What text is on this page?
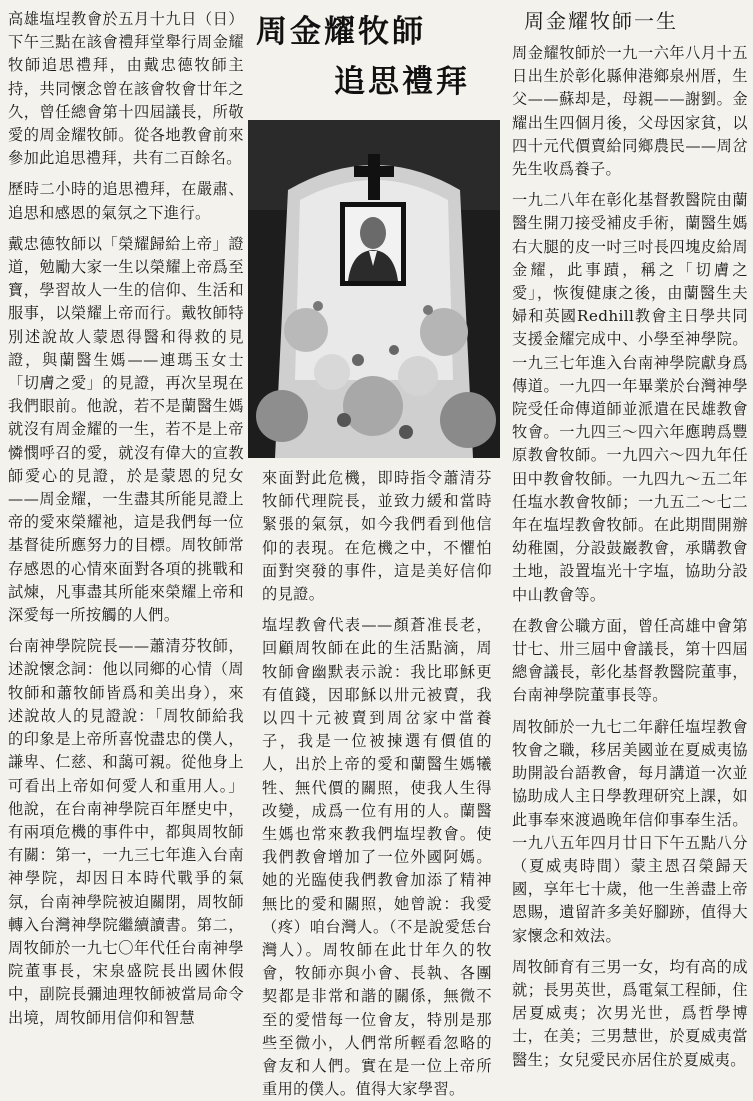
周金耀牧師
追思禮拜

高雄塩埕教會於五月十九日（日）下午三點在該會禮拜堂舉行周金耀牧師追思禮拜，由戴忠德牧師主持，共同懷念曾在該會牧會廿年之久，曾任總會第十四屆議長，所敬愛的周金耀牧師。從各地教會前來參加此追思禮拜，共有二百餘名。

歷時二小時的追思禮拜，在嚴肅、追思和感恩的氣氛之下進行。

戴忠德牧師以「榮耀歸給上帝」證道，勉勵大家一生以榮耀上帝爲至寶，學習故人一生的信仰、生活和服事，以榮耀上帝而行。戴牧師特別述說故人蒙恩得醫和得救的見證，與蘭醫生媽——連瑪玉女士「切膚之愛」的見證，再次呈現在我們眼前。他說，若不是蘭醫生媽就沒有周金耀的一生，若不是上帝憐憫呼召的愛，就沒有偉大的宣教師愛心的見證，於是蒙恩的兒女——周金耀，一生盡其所能見證上帝的愛來榮耀祂，這是我們每一位基督徒所應努力的目標。周牧師常存感恩的心情來面對各項的挑戰和試煉，凡事盡其所能來榮耀上帝和深愛每一所按觸的人們。

台南神學院院長——蕭清芬牧師，述說懷念詞：他以同鄉的心情（周牧師和蕭牧師皆爲和美出身），來述說故人的見證說：「周牧師給我的印象是上帝所喜悅盡忠的僕人，謙卑、仁慈、和藹可親。從他身上可看出上帝如何愛人和重用人。」他說，在台南神學院百年歷史中，有兩項危機的事件中，都與周牧師有關：第一，一九三七年進入台南神學院，却因日本時代戰爭的氣氛，台南神學院被迫關閉，周牧師轉入台灣神學院繼續讀書。第二，周牧師於一九七〇年代任台南神學院董事長，宋泉盛院長出國休假中，副院長彌迪理牧師被當局命令出境，周牧師用信仰和智慧

來面對此危機，即時指令蕭清芬牧師代理院長，並致力緩和當時緊張的氣氛，如今我們看到他信仰的表現。在危機之中，不懼怕面對突發的事件，這是美好信仰的見證。

塩埕教會代表——顏蒼准長老，回顧周牧師在此的生活點滴，周牧師會幽默表示說：我比耶穌更有值錢，因耶穌以卅元被賣，我以四十元被賣到周岔家中當養子，我是一位被揀選有價值的人，出於上帝的愛和蘭醫生媽犧牲、無代價的關照，使我人生得改變，成爲一位有用的人。蘭醫生媽也常來教我們塩埕教會。使我們教會增加了一位外國阿媽。她的光臨使我們教會加添了精神無比的愛和關照，她曾說：我愛（疼）咱台灣人。（不是說愛恁台灣人）。周牧師在此廿年久的牧會，牧師亦與小會、長執、各團契都是非常和諧的關係，無微不至的愛惜每一位會友，特別是那些至微小，人們常所輕看忽略的會友和人們。實在是一位上帝所重用的僕人。值得大家學習。

周金耀牧師一生

周金耀牧師於一九一六年八月十五日出生於彰化縣伸港鄉泉州厝，生父——蘇却是，母親——謝劉。金耀出生四個月後，父母因家貧，以四十元代價賣給同鄉農民——周岔先生收爲養子。

一九二八年在彰化基督教醫院由蘭醫生開刀接受補皮手術，蘭醫生媽右大腿的皮一吋三吋長四塊皮給周金耀，此事蹟，稱之「切膚之愛」，恢復健康之後，由蘭醫生夫婦和英國Redhill教會主日學共同支援金耀完成中、小學至神學院。一九三七年進入台南神學院獻身爲傳道。一九四一年畢業於台灣神學院受任命傳道師並派遣在民雄教會牧會。一九四三～四六年應聘爲豐原教會牧師。一九四六～四九年任田中教會牧師。一九四九～五二年任塩水教會牧師；一九五二～七二年在塩埕教會牧師。在此期間開辦幼稚園，分設鼓巖教會，承購教會土地，設置塩光十字塩，協助分設中山教會等。

在教會公職方面，曾任高雄中會第廿七、卅三屆中會議長，第十四屆總會議長，彰化基督教醫院董事，台南神學院董事長等。

周牧師於一九七二年辭任塩埕教會牧會之職，移居美國並在夏威夷協助開設台語教會，每月講道一次並協助成人主日學教理研究上課，如此事奉來渡過晚年信仰事奉生活。一九八五年四月廿日下午五點八分（夏威夷時間）蒙主恩召榮歸天國，享年七十歲，他一生善盡上帝恩賜，遺留許多美好腳跡，值得大家懷念和效法。

周牧師育有三男一女，均有高的成就；長男英世，爲電氣工程師，住居夏威夷；次男光世，爲哲學博士，在美；三男慧世，於夏威夷當醫生；女兒愛民亦居住於夏威夷。
